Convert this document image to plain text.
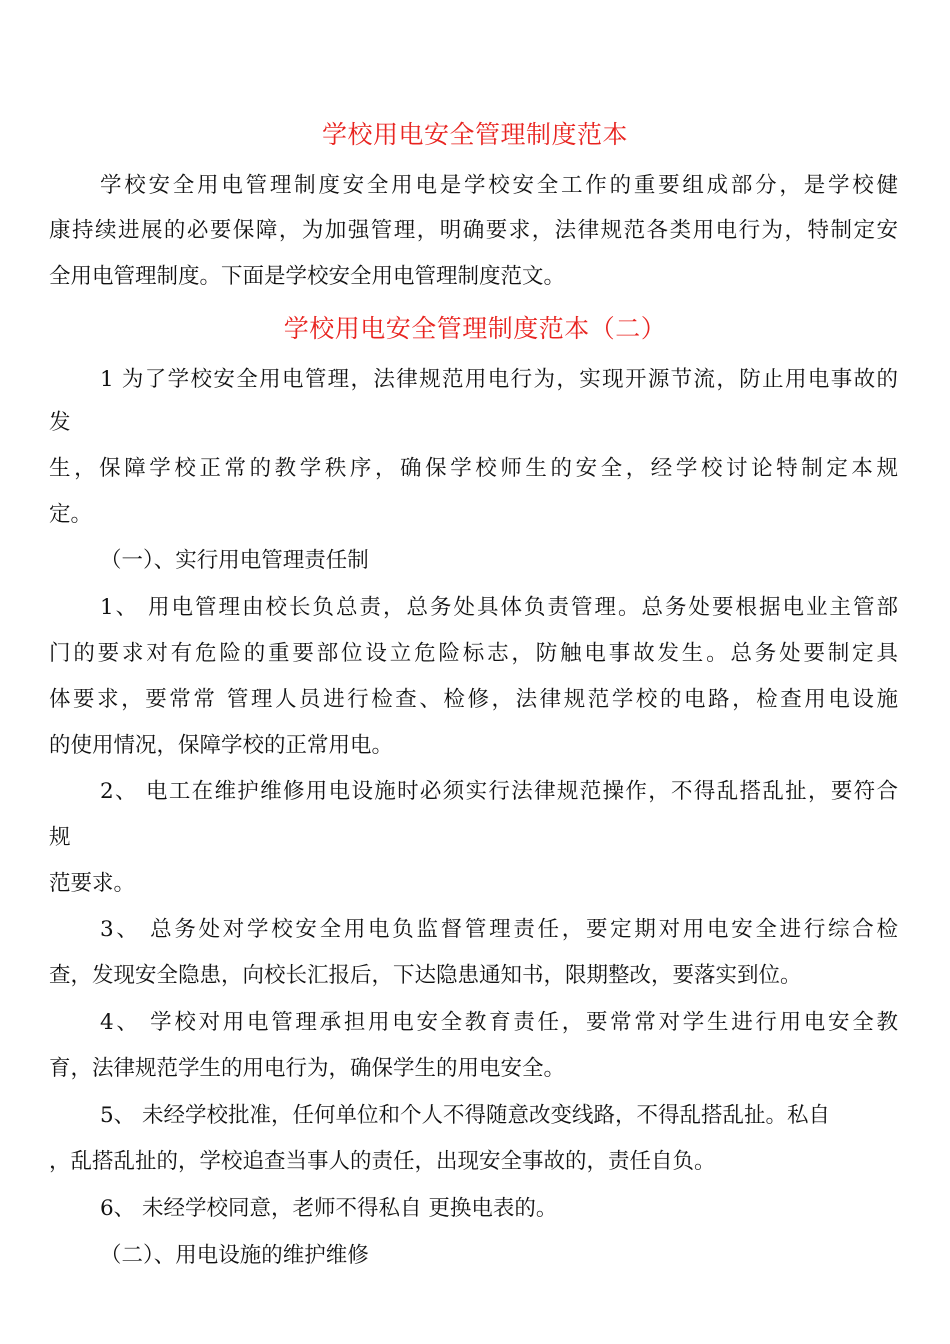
学校用电安全管理制度范本
学校安全用电管理制度安全用电是学校安全工作的重要组成部分，是学校健
康持续进展的必要保障，为加强管理，明确要求，法律规范各类用电行为，特制定安
全用电管理制度。下面是学校安全用电管理制度范文。
学校用电安全管理制度范本（二）
1 为了学校安全用电管理，法律规范用电行为，实现开源节流，防止用电事故的
发
生，保障学校正常的教学秩序，确保学校师生的安全，经学校讨论特制定本规
定。
（一）、实行用电管理责任制
1、 用电管理由校长负总责，总务处具体负责管理。总务处要根据电业主管部
门的要求对有危险的重要部位设立危险标志，防触电事故发生。总务处要制定具
体要求，要常常 管理人员进行检查、检修，法律规范学校的电路，检查用电设施
的使用情况，保障学校的正常用电。
2、 电工在维护维修用电设施时必须实行法律规范操作，不得乱搭乱扯，要符合
规
范要求。
3、 总务处对学校安全用电负监督管理责任，要定期对用电安全进行综合检
查，发现安全隐患，向校长汇报后，下达隐患通知书，限期整改，要落实到位。
4、 学校对用电管理承担用电安全教育责任，要常常对学生进行用电安全教
育，法律规范学生的用电行为，确保学生的用电安全。
5、 未经学校批准，任何单位和个人不得随意改变线路，不得乱搭乱扯。私自
，乱搭乱扯的，学校追查当事人的责任，出现安全事故的，责任自负。
6、 未经学校同意，老师不得私自 更换电表的。
（二）、用电设施的维护维修
